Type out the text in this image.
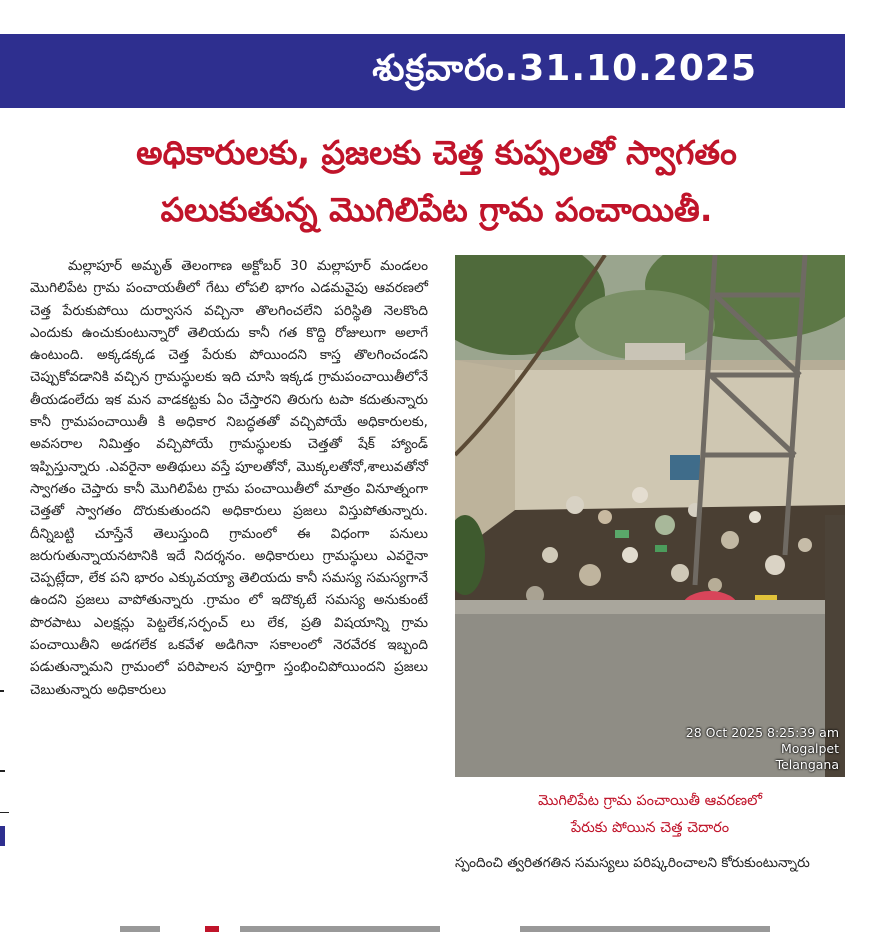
శుక్రవారం.31.10.2025
అధికారులకు, ప్రజలకు చెత్త కుప్పలతో స్వాగతం
పలుకుతున్న మొగిలిపేట గ్రామ పంచాయితీ.

మల్లాపూర్ అమృత్ తెలంగాణ అక్టోబర్ 30 మల్లాపూర్ మండలం మొగిలిపేట గ్రామ పంచాయతీలో గేటు లోపలి భాగం ఎడమవైపు ఆవరణలో చెత్త పేరుకుపోయి దుర్వాసన వచ్చినా తొలగించలేని పరిస్థితి నెలకొంది ఎందుకు ఉంచుకుంటున్నారో తెలియదు కానీ గత కొద్ది రోజులుగా అలాగే ఉంటుంది. అక్కడక్కడ చెత్త పేరుకు పోయిందని కాస్త తొలగించండని చెప్పుకోవడానికి వచ్చిన గ్రామస్థులకు ఇది చూసి ఇక్కడ గ్రామపంచాయితీలోనే తీయడంలేదు ఇక మన వాడకట్టకు ఏం చేస్తారని తిరుగు టపా కదుతున్నారు కానీ గ్రామపంచాయితీ కి అధికార నిబద్ధతతో వచ్చిపోయే అధికారులకు, అవసరాల నిమిత్తం వచ్చిపోయే గ్రామస్థులకు చెత్తతో షేక్ హ్యాండ్ ఇప్పిస్తున్నారు .ఎవరైనా అతిథులు వస్తే పూలతోనో, మొక్కలతోనో,శాలువతోనో స్వాగతం చెప్తారు కానీ మొగిలిపేట గ్రామ పంచాయితీలో మాత్రం వినూత్నంగా చెత్తతో స్వాగతం దొరుకుతుందని అధికారులు ప్రజలు విస్తుపోతున్నారు. దీన్నిబట్టి చూస్తేనే తెలుస్తుంది గ్రామంలో ఈ విధంగా పనులు జరుగుతున్నాయనటానికి ఇదే నిదర్శనం. అధికారులు గ్రామస్థులు ఎవరైనా చెప్పట్లేదా, లేక పని భారం ఎక్కువయ్యా తెలియదు కానీ సమస్య సమస్యగానే ఉందని ప్రజలు వాపోతున్నారు .గ్రామం లో ఇదొక్కటే సమస్య అనుకుంటే పొరపాటు ఎలక్షన్లు పెట్టలేక,సర్పంచ్ లు లేక, ప్రతి విషయాన్ని గ్రామ పంచాయితీని అడగలేక ఒకవేళ అడిగినా సకాలంలో నెరవేరక ఇబ్బంది పడుతున్నామని గ్రామంలో పరిపాలన పూర్తిగా స్తంభించిపోయిందని ప్రజలు చెబుతున్నారు అధికారులు

28 Oct 2025 8:25:39 am
Mogalpet
Telangana
మొగిలిపేట గ్రామ పంచాయితీ ఆవరణలో
పేరుకు పోయిన చెత్త చెదారం
స్పందించి త్వరితగతిన సమస్యలు పరిష్కరించాలని కోరుకుంటున్నారు
